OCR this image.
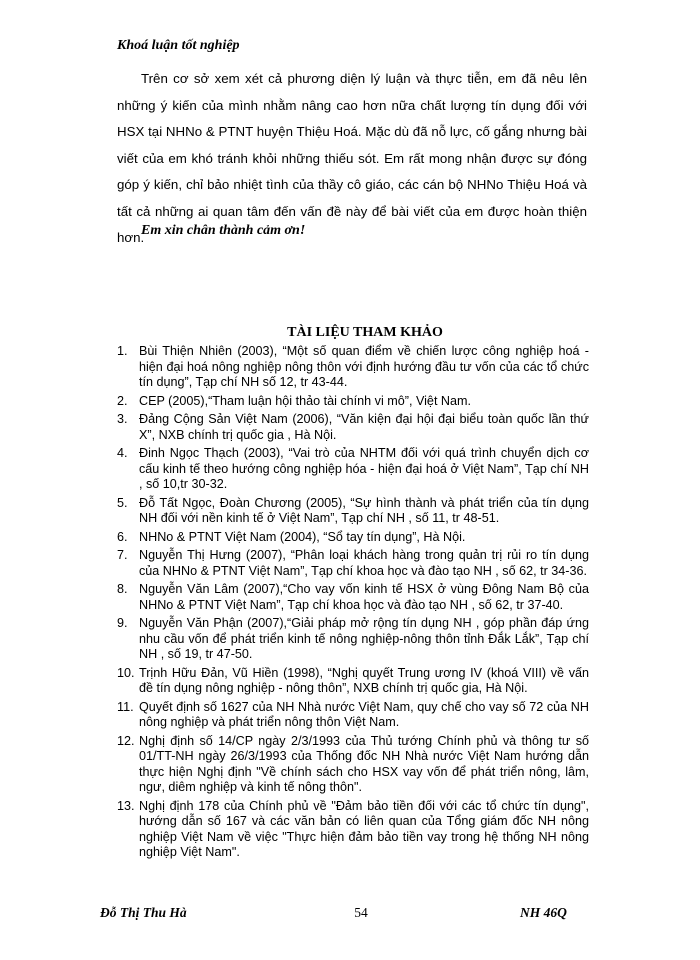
Khoá luận tốt nghiệp

Trên cơ sở xem xét cả phương diện lý luận và thực tiễn, em đã nêu lên những ý kiến của mình nhằm nâng cao hơn nữa chất lượng tín dụng đối với HSX tại NHNo & PTNT huyện Thiệu Hoá. Mặc dù đã nỗ lực, cố gắng nhưng bài viết của em khó tránh khỏi những thiếu sót. Em rất mong nhận được sự đóng góp ý kiến, chỉ bảo nhiệt tình của thầy cô giáo, các cán bộ NHNo Thiệu Hoá và tất cả những ai quan tâm đến vấn đề này để bài viết của em được hoàn thiện hơn.

Em xin chân thành cảm ơn!
TÀI LIỆU THAM KHẢO
1. Bùi Thiện Nhiên (2003), “Một số quan điểm về chiến lược công nghiệp hoá - hiện đại hoá nông nghiệp nông thôn với định hướng đầu tư vốn của các tổ chức tín dụng”, Tạp chí NH số 12, tr 43-44.
2. CEP (2005),“Tham luận hội thảo tài chính vi mô”, Việt Nam.
3. Đảng Cộng Sản Việt Nam (2006), “Văn kiện đại hội đại biểu toàn quốc lần thứ X”, NXB chính trị quốc gia , Hà Nội.
4. Đinh Ngọc Thạch (2003), “Vai trò của NHTM đối với quá trình chuyển dịch cơ cấu kinh tế theo hướng công nghiệp hóa - hiện đại hoá ở Việt Nam”, Tạp chí NH , số 10,tr 30-32.
5. Đỗ Tất Ngọc, Đoàn Chương (2005), “Sự hình thành và phát triển của tín dụng NH đối với nền kinh tế ở Việt Nam”, Tạp chí NH , số 11, tr 48-51.
6. NHNo & PTNT Việt Nam (2004), “Sổ tay tín dụng”, Hà Nội.
7. Nguyễn Thị Hưng (2007), “Phân loại khách hàng trong quản trị rủi ro tín dụng của NHNo & PTNT Việt Nam”, Tạp chí khoa học và đào tạo NH , số 62, tr 34-36.
8. Nguyễn Văn Lâm (2007),“Cho vay vốn kinh tế HSX ở vùng Đông Nam Bộ của NHNo & PTNT Việt Nam”, Tạp chí khoa học và đào tạo NH , số 62, tr 37-40.
9. Nguyễn Văn Phận (2007),“Giải pháp mở rộng tín dụng NH , góp phần đáp ứng nhu cầu vốn để phát triển kinh tế nông nghiệp-nông thôn tỉnh Đắk Lắk”, Tạp chí NH , số 19, tr 47-50.
10. Trịnh Hữu Đản, Vũ Hiền (1998), “Nghị quyết Trung ương IV (khoá VIII) về vấn đề tín dụng nông nghiệp - nông thôn”, NXB chính trị quốc gia, Hà Nội.
11. Quyết định số 1627 của NH Nhà nước Việt Nam, quy chế cho vay số 72 của NH nông nghiệp và phát triển nông thôn Việt Nam.
12. Nghị định số 14/CP ngày 2/3/1993 của Thủ tướng Chính phủ và thông tư số 01/TT-NH ngày 26/3/1993 của Thống đốc NH Nhà nước Việt Nam hướng dẫn thực hiện Nghị định "Về chính sách cho HSX vay vốn để phát triển nông, lâm, ngư, diêm nghiệp và kinh tế nông thôn".
13. Nghị định 178 của Chính phủ về "Đảm bảo tiền đối với các tổ chức tín dụng", hướng dẫn số 167 và các văn bản có liên quan của Tổng giám đốc NH nông nghiệp Việt Nam về việc "Thực hiện đảm bảo tiền vay trong hệ thống NH nông nghiệp Việt Nam".
Đỗ Thị Thu Hà	54	NH 46Q
